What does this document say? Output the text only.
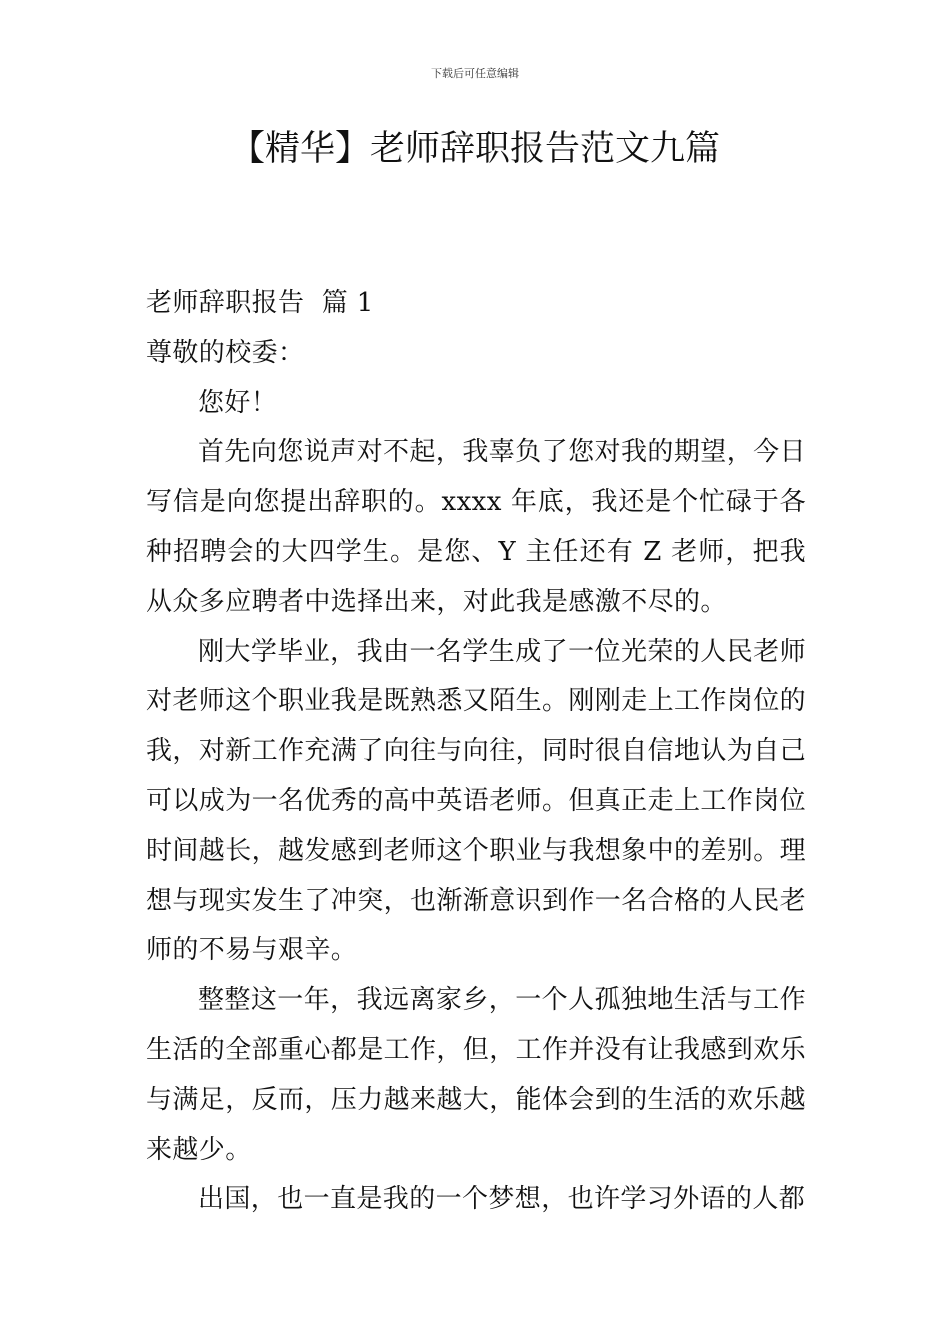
下载后可任意编辑
【精华】老师辞职报告范文九篇

老师辞职报告  篇 1

尊敬的校委：

您好！

首先向您说声对不起，我辜负了您对我的期望，今日写信是向您提出辞职的。xxxx 年底，我还是个忙碌于各种招聘会的大四学生。是您、Y 主任还有 Z 老师，把我从众多应聘者中选择出来，对此我是感激不尽的。

刚大学毕业，我由一名学生成了一位光荣的人民老师对老师这个职业我是既熟悉又陌生。刚刚走上工作岗位的我，对新工作充满了向往与向往，同时很自信地认为自己可以成为一名优秀的高中英语老师。但真正走上工作岗位时间越长，越发感到老师这个职业与我想象中的差别。理想与现实发生了冲突，也渐渐意识到作一名合格的人民老师的不易与艰辛。

整整这一年，我远离家乡，一个人孤独地生活与工作生活的全部重心都是工作，但，工作并没有让我感到欢乐与满足，反而，压力越来越大，能体会到的生活的欢乐越来越少。

出国，也一直是我的一个梦想，也许学习外语的人都
